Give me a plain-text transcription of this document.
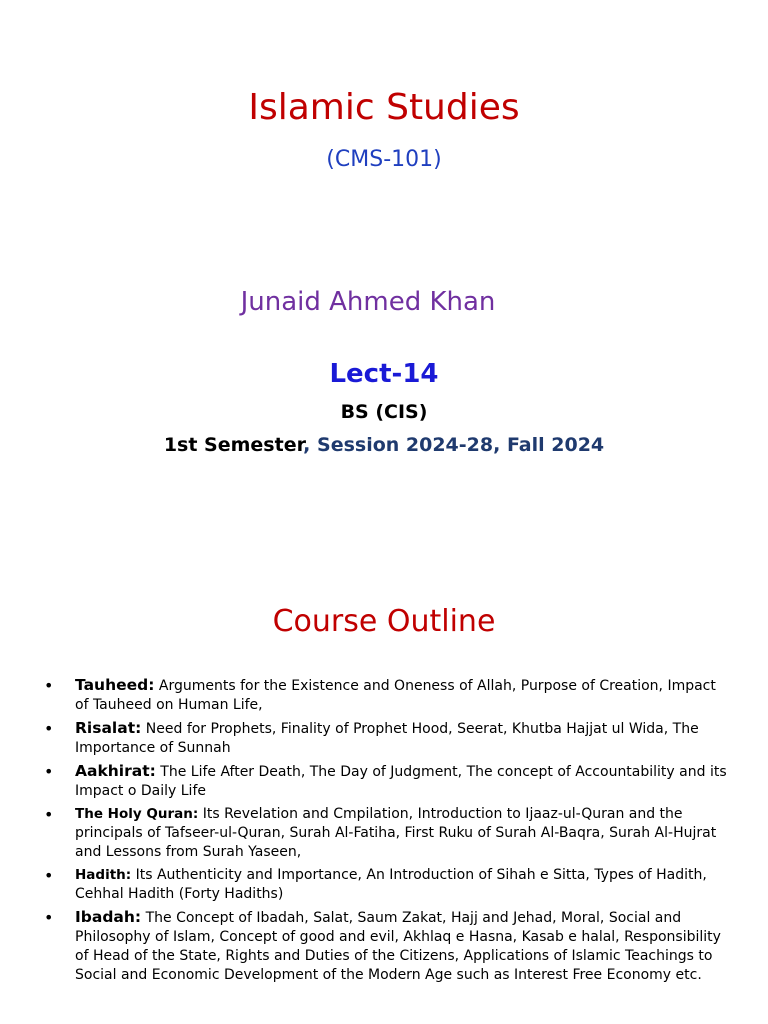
Islamic Studies
(CMS-101)
Junaid Ahmed Khan
Lect-14
BS (CIS)
1st Semester, Session 2024-28, Fall 2024
Course Outline
• Tauheed: Arguments for the Existence and Oneness of Allah, Purpose of Creation, Impact of Tauheed on Human Life,
• Risalat: Need for Prophets, Finality of Prophet Hood, Seerat, Khutba Hajjat ul Wida, The Importance of Sunnah
• Aakhirat: The Life After Death, The Day of Judgment, The concept of Accountability and its Impact o Daily Life
• The Holy Quran: Its Revelation and Cmpilation, Introduction to Ijaaz-ul-Quran and the principals of Tafseer-ul-Quran, Surah Al-Fatiha, First Ruku of Surah Al-Baqra, Surah Al-Hujrat and Lessons from Surah Yaseen,
• Hadith: Its Authenticity and Importance, An Introduction of Sihah e Sitta, Types of Hadith, Cehhal Hadith (Forty Hadiths)
• Ibadah: The Concept of Ibadah, Salat, Saum Zakat, Hajj and Jehad, Moral, Social and Philosophy of Islam, Concept of good and evil, Akhlaq e Hasna, Kasab e halal, Responsibility of Head of the State, Rights and Duties of the Citizens, Applications of Islamic Teachings to Social and Economic Development of the Modern Age such as Interest Free Economy etc.
